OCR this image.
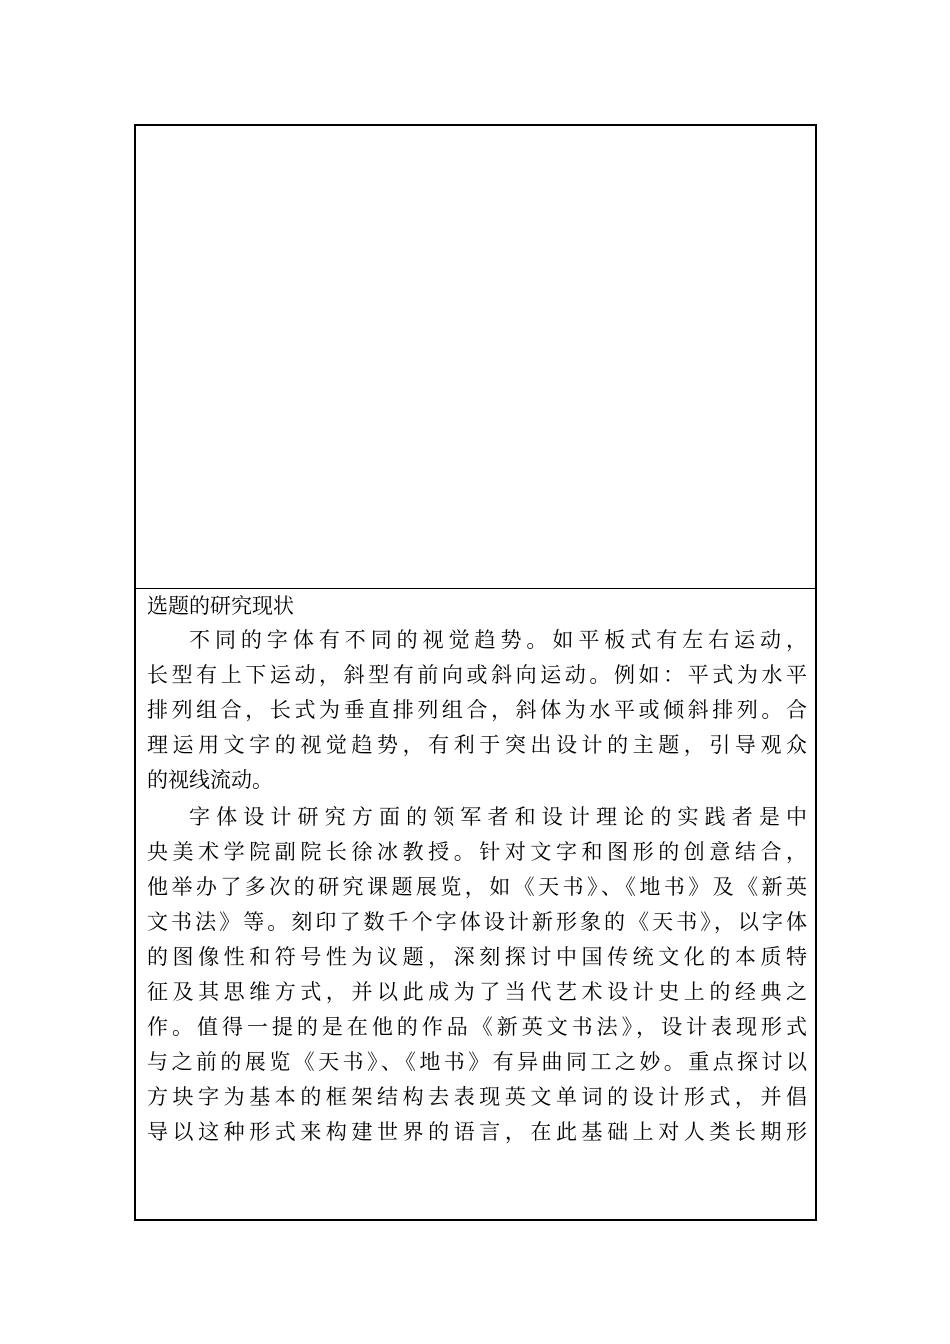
选题的研究现状
不同的字体有不同的视觉趋势。如平板式有左右运动，
长型有上下运动，斜型有前向或斜向运动。例如：平式为水平
排列组合，长式为垂直排列组合，斜体为水平或倾斜排列。合
理运用文字的视觉趋势，有利于突出设计的主题，引导观众
的视线流动。
字体设计研究方面的领军者和设计理论的实践者是中
央美术学院副院长徐冰教授。针对文字和图形的创意结合，
他举办了多次的研究课题展览，如《天书》、《地书》及《新英
文书法》等。刻印了数千个字体设计新形象的《天书》，以字体
的图像性和符号性为议题，深刻探讨中国传统文化的本质特
征及其思维方式，并以此成为了当代艺术设计史上的经典之
作。值得一提的是在他的作品《新英文书法》，设计表现形式
与之前的展览《天书》、《地书》有异曲同工之妙。重点探讨以
方块字为基本的框架结构去表现英文单词的设计形式，并倡
导以这种形式来构建世界的语言，在此基础上对人类长期形
